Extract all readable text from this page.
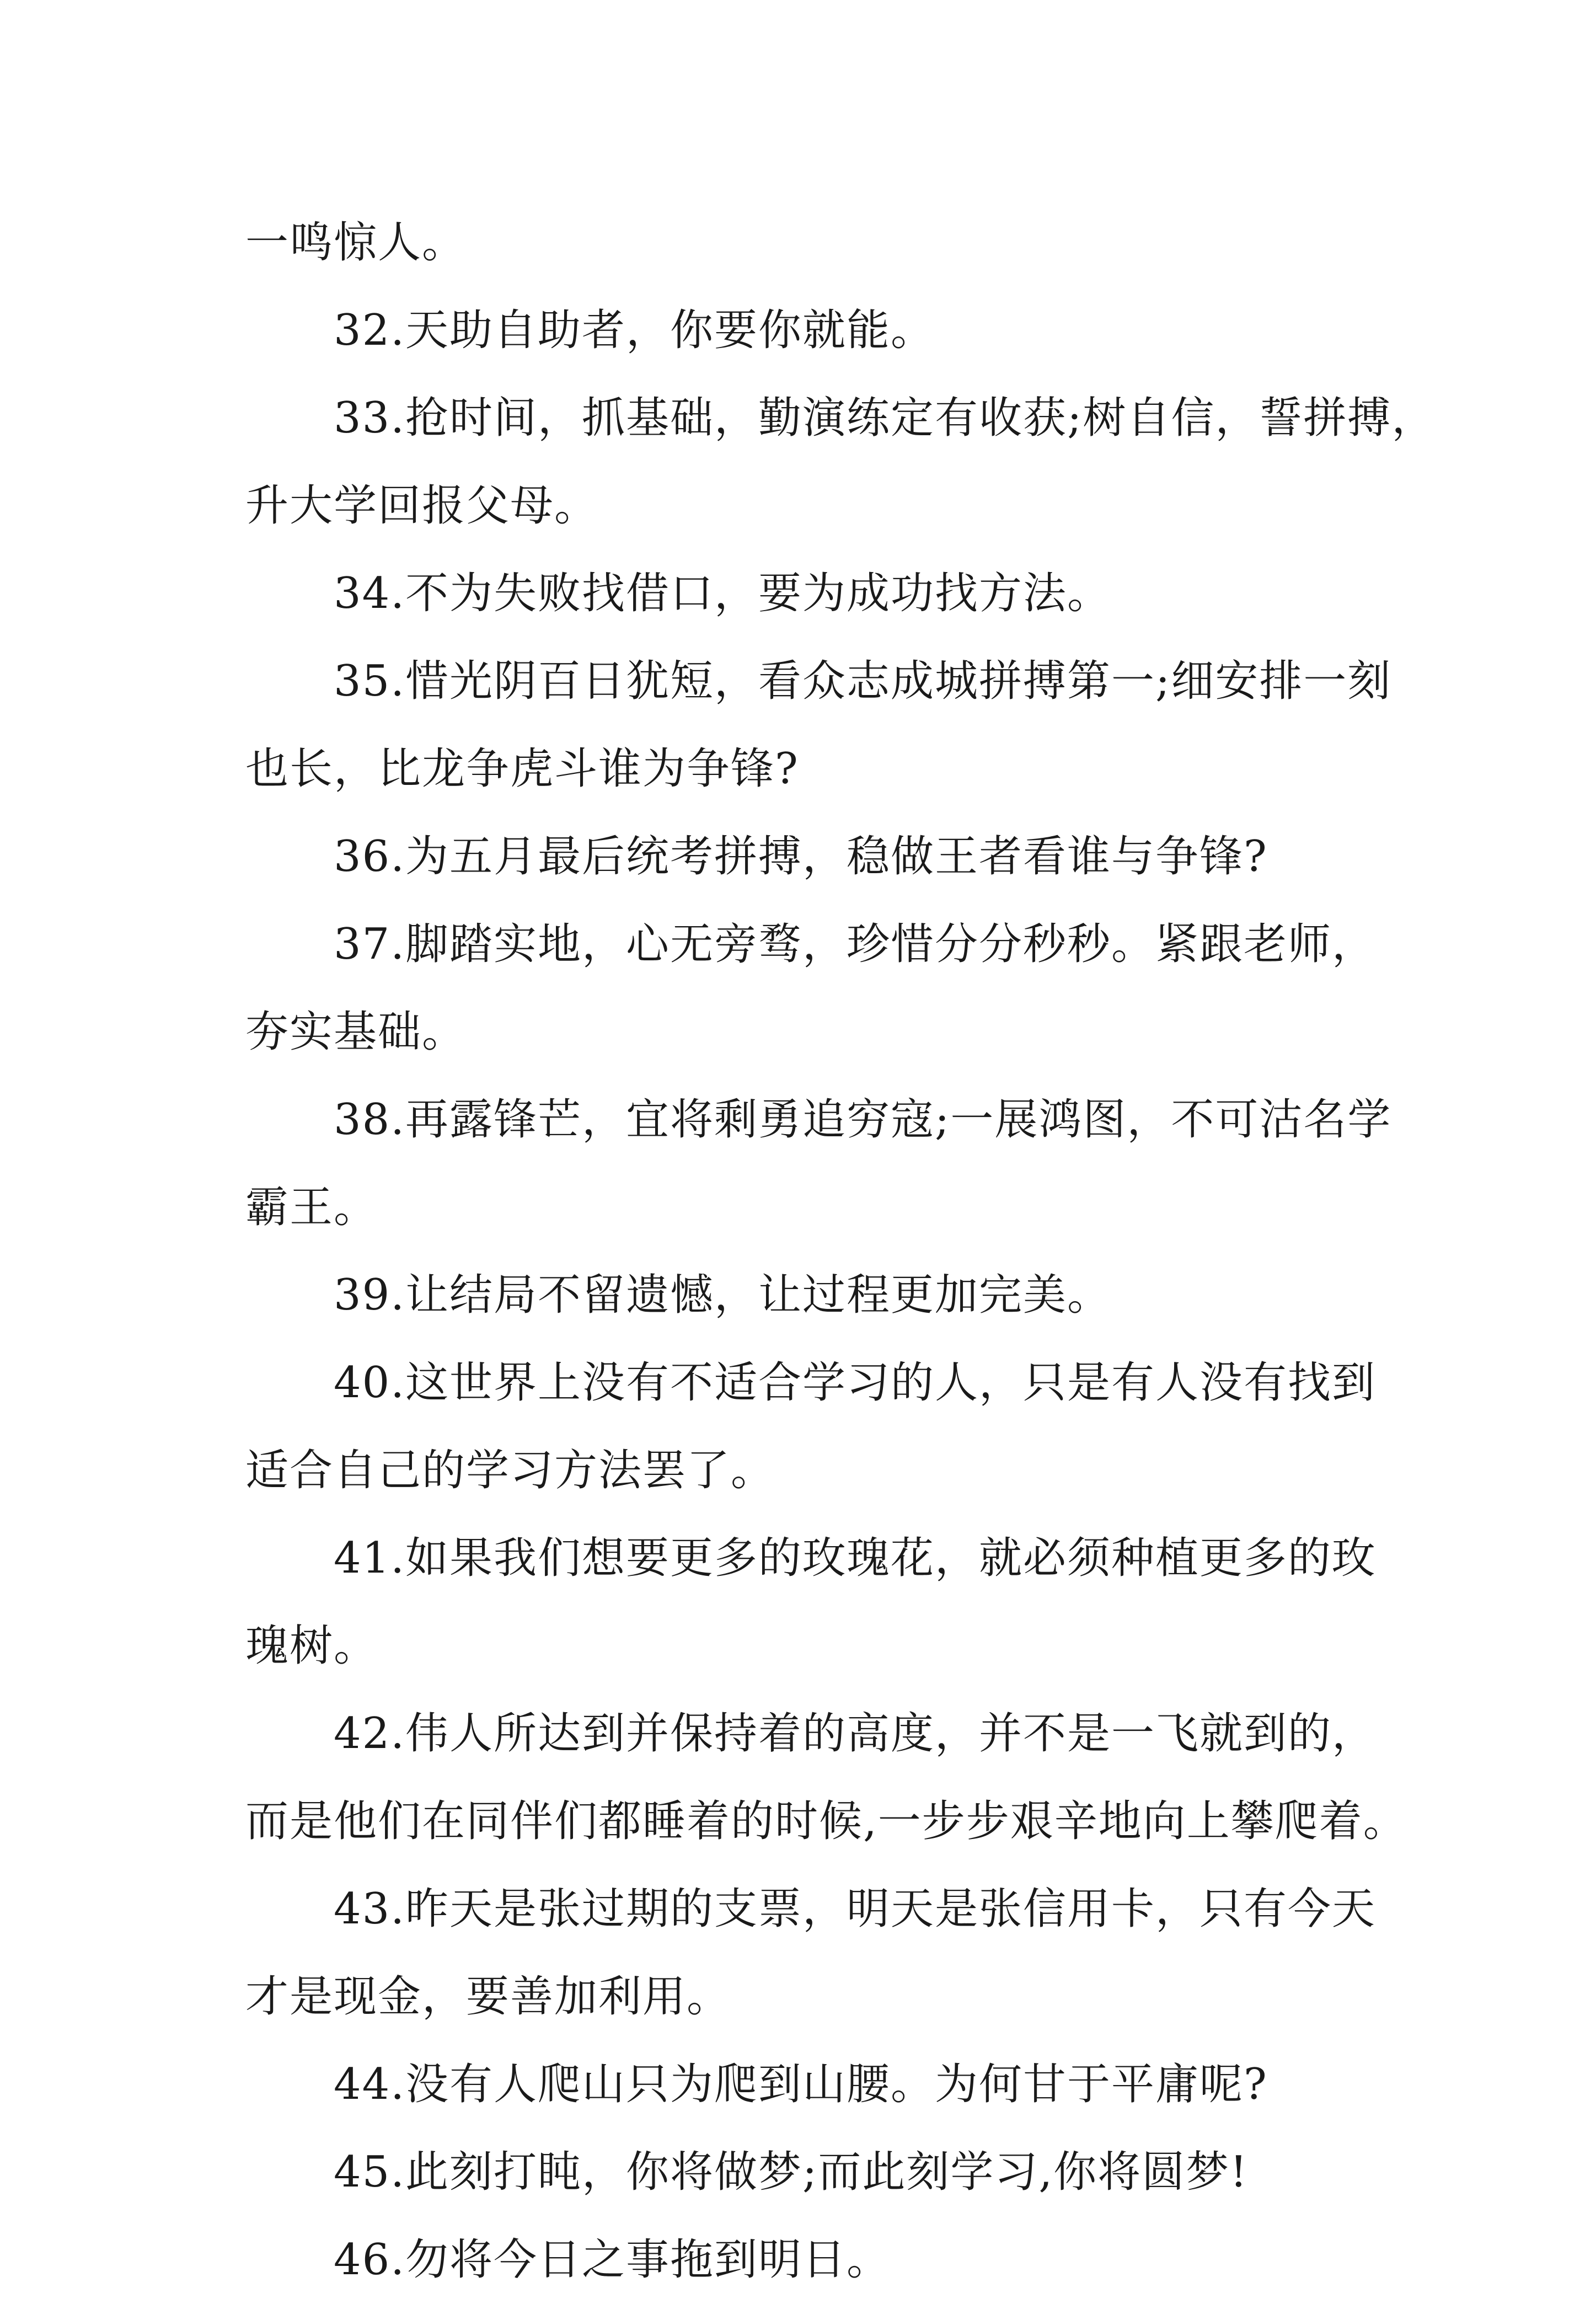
一鸣惊人。

32.天助自助者，你要你就能。

33.抢时间，抓基础，勤演练定有收获;树自信，誓拼搏，

升大学回报父母。

34.不为失败找借口，要为成功找方法。

35.惜光阴百日犹短，看众志成城拼搏第一;细安排一刻

也长，比龙争虎斗谁为争锋?

36.为五月最后统考拼搏，稳做王者看谁与争锋?

37.脚踏实地，心无旁骛，珍惜分分秒秒。紧跟老师，

夯实基础。

38.再露锋芒，宜将剩勇追穷寇;一展鸿图，不可沽名学

霸王。

39.让结局不留遗憾，让过程更加完美。

40.这世界上没有不适合学习的人，只是有人没有找到

适合自己的学习方法罢了。

41.如果我们想要更多的玫瑰花，就必须种植更多的玫

瑰树。

42.伟人所达到并保持着的高度，并不是一飞就到的，

而是他们在同伴们都睡着的时候,一步步艰辛地向上攀爬着。

43.昨天是张过期的支票，明天是张信用卡，只有今天

才是现金，要善加利用。

44.没有人爬山只为爬到山腰。为何甘于平庸呢?

45.此刻打盹，你将做梦;而此刻学习,你将圆梦!

46.勿将今日之事拖到明日。
